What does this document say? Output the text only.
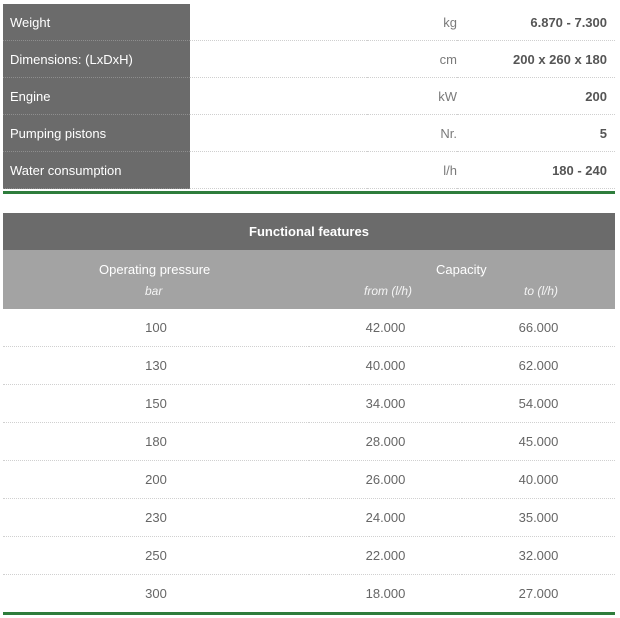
Weight		kg	6.870 - 7.300
Dimensions: (LxDxH)		cm	200 x 260 x 180
Engine		kW	200
Pumping pistons		Nr.	5
Water consumption		l/h	180 - 240
Functional features
Operating pressure	Capacity
bar	from (l/h)	to (l/h)
100	42.000	66.000
130	40.000	62.000
150	34.000	54.000
180	28.000	45.000
200	26.000	40.000
230	24.000	35.000
250	22.000	32.000
300	18.000	27.000
